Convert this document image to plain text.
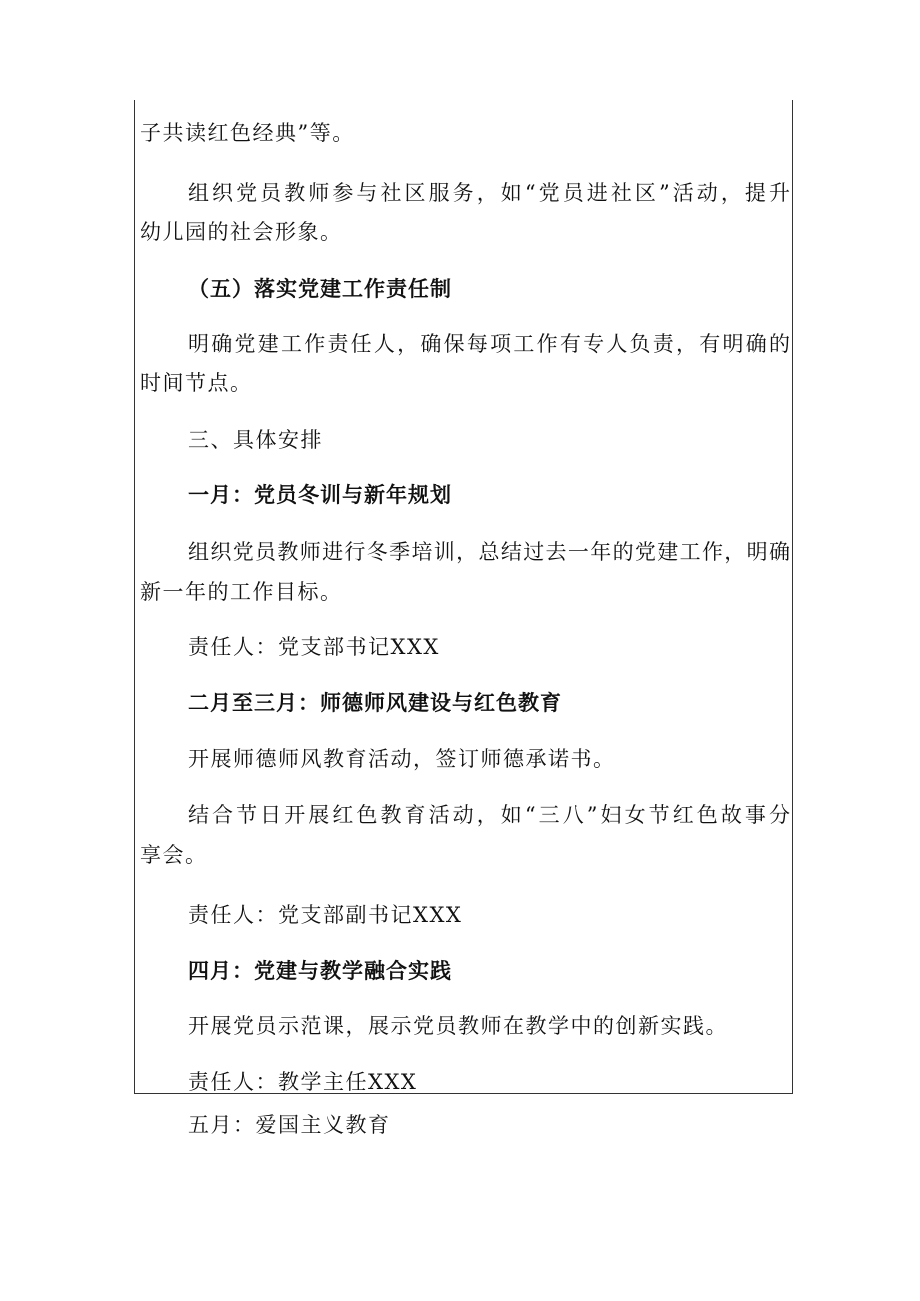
子共读红色经典”等。
组织党员教师参与社区服务，如“党员进社区”活动，提升
幼儿园的社会形象。
（五）落实党建工作责任制
明确党建工作责任人，确保每项工作有专人负责，有明确的
时间节点。
三、具体安排
一月：党员冬训与新年规划
组织党员教师进行冬季培训，总结过去一年的党建工作，明确
新一年的工作目标。
责任人：党支部书记XXX
二月至三月：师德师风建设与红色教育
开展师德师风教育活动，签订师德承诺书。
结合节日开展红色教育活动，如“三八”妇女节红色故事分
享会。
责任人：党支部副书记XXX
四月：党建与教学融合实践
开展党员示范课，展示党员教师在教学中的创新实践。
责任人：教学主任XXX
五月：爱国主义教育
